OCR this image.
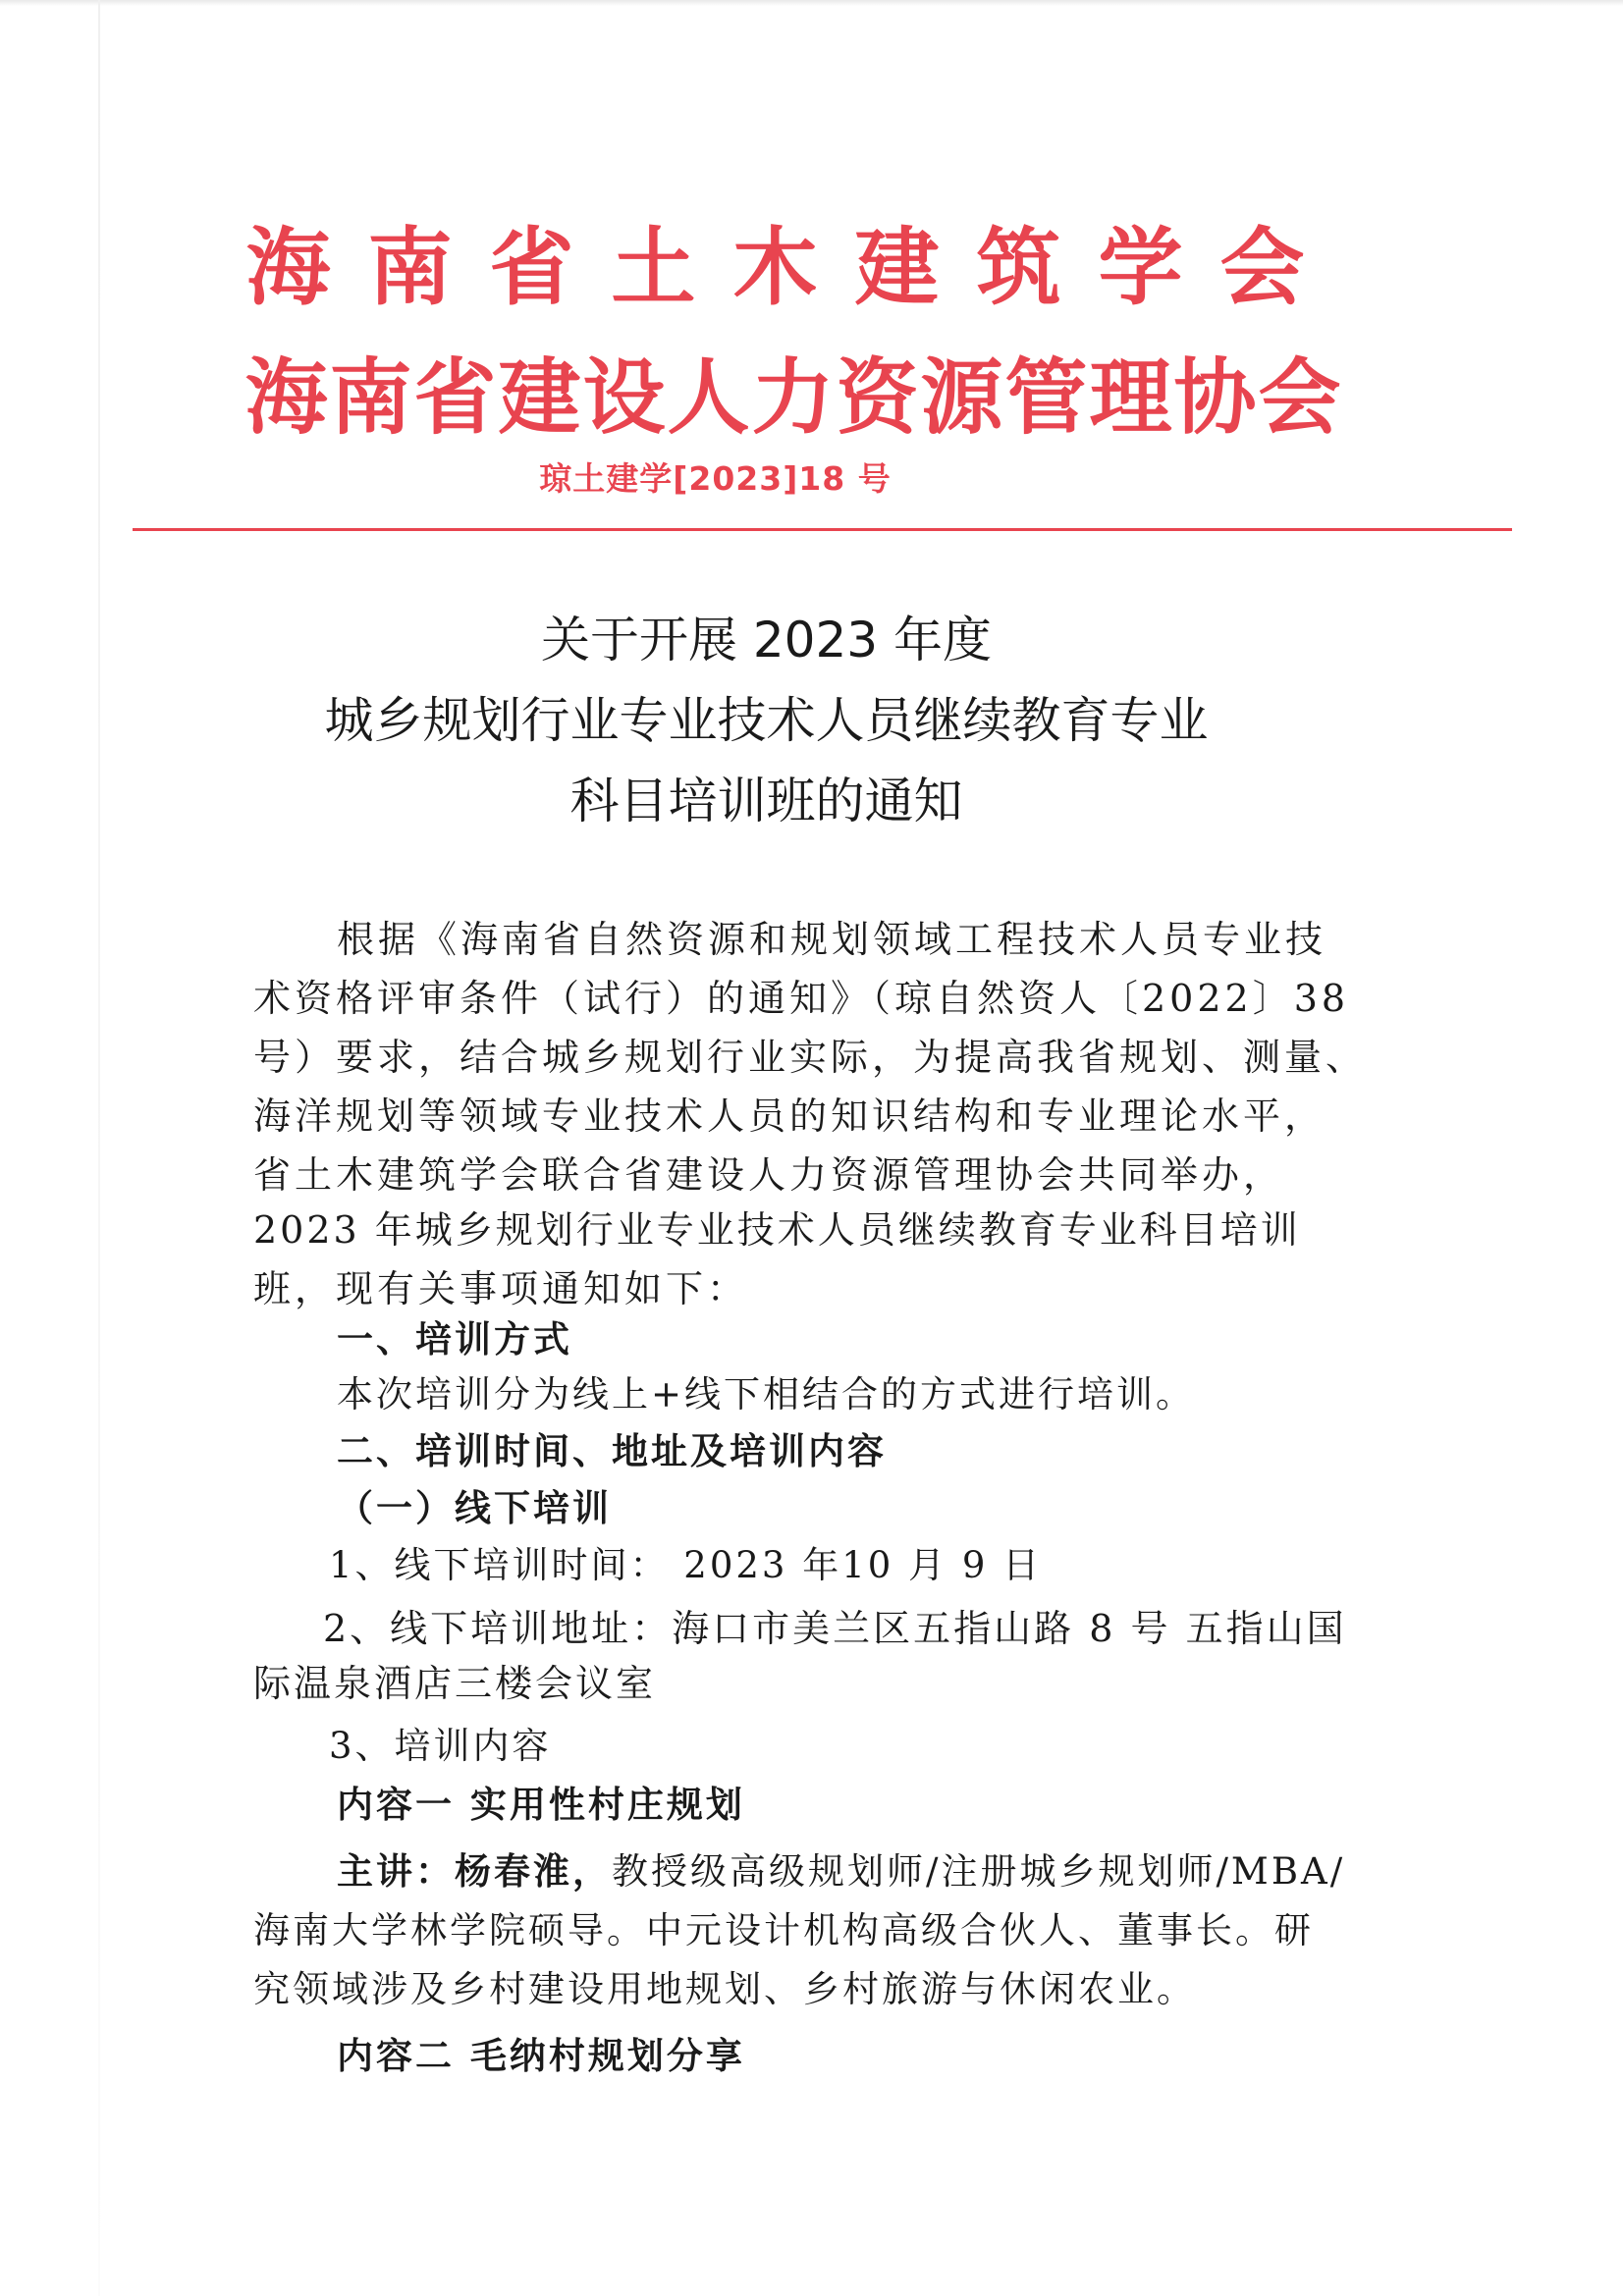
海南省土木建筑学会
海南省建设人力资源管理协会
琼土建学[2023]18 号
关于开展 2023 年度
城乡规划行业专业技术人员继续教育专业
科目培训班的通知
根据《海南省自然资源和规划领域工程技术人员专业技
术资格评审条件（试行）的通知》（琼自然资人〔2022〕38
号）要求，结合城乡规划行业实际，为提高我省规划、测量、
海洋规划等领域专业技术人员的知识结构和专业理论水平，
省土木建筑学会联合省建设人力资源管理协会共同举办，
2023 年城乡规划行业专业技术人员继续教育专业科目培训
班，现有关事项通知如下：
一、培训方式
本次培训分为线上+线下相结合的方式进行培训。
二、培训时间、地址及培训内容
（一）线下培训
1、线下培训时间： 2023 年10 月 9 日
2、线下培训地址：海口市美兰区五指山路 8 号 五指山国
际温泉酒店三楼会议室
3、培训内容
内容一 实用性村庄规划
主讲：杨春淮，教授级高级规划师/注册城乡规划师/MBA/
海南大学林学院硕导。中元设计机构高级合伙人、董事长。研
究领域涉及乡村建设用地规划、乡村旅游与休闲农业。
内容二 毛纳村规划分享
